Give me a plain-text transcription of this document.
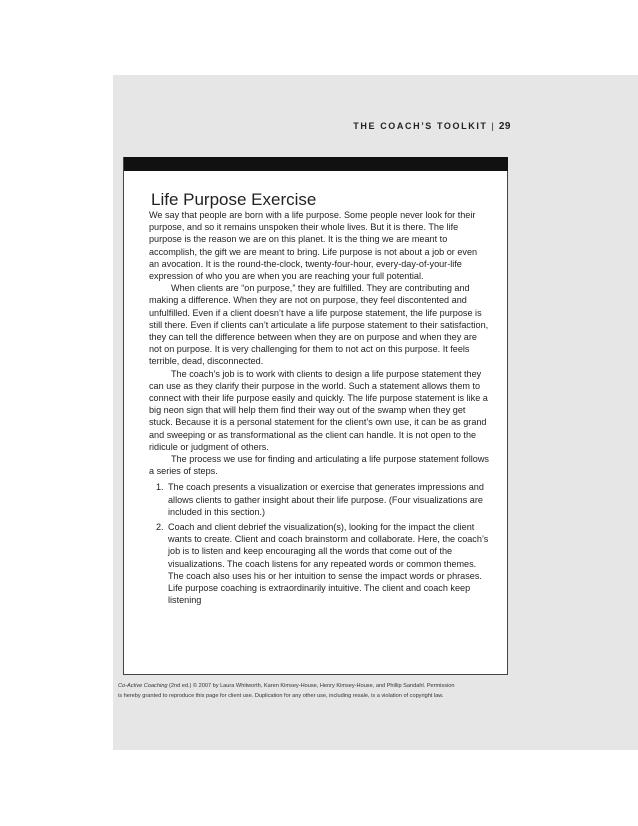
THE COACH’S TOOLKIT | 29
Life Purpose Exercise

We say that people are born with a life purpose. Some people never look for their purpose, and so it remains unspoken their whole lives. But it is there. The life purpose is the reason we are on this planet. It is the thing we are meant to accomplish, the gift we are meant to bring. Life purpose is not about a job or even an avocation. It is the round-the-clock, twenty-four-hour, every-day-of-your-life expression of who you are when you are reaching your full potential.

When clients are “on purpose,” they are fulfilled. They are contributing and making a difference. When they are not on purpose, they feel discontented and unfulfilled. Even if a client doesn’t have a life purpose statement, the life purpose is still there. Even if clients can’t articulate a life purpose statement to their satisfaction, they can tell the difference between when they are on purpose and when they are not on purpose. It is very challenging for them to not act on this purpose. It feels terrible, dead, disconnected.

The coach’s job is to work with clients to design a life purpose statement they can use as they clarify their purpose in the world. Such a statement allows them to connect with their life purpose easily and quickly. The life purpose statement is like a big neon sign that will help them find their way out of the swamp when they get stuck. Because it is a personal statement for the client’s own use, it can be as grand and sweeping or as transformational as the client can handle. It is not open to the ridicule or judgment of others.

The process we use for finding and articulating a life purpose statement follows a series of steps.

1. The coach presents a visualization or exercise that generates impressions and allows clients to gather insight about their life purpose. (Four visualizations are included in this section.)
2. Coach and client debrief the visualization(s), looking for the impact the client wants to create. Client and coach brainstorm and collaborate. Here, the coach’s job is to listen and keep encouraging all the words that come out of the visualizations. The coach listens for any repeated words or common themes. The coach also uses his or her intuition to sense the impact words or phrases. Life purpose coaching is extraordinarily intuitive. The client and coach keep listening
Co-Active Coaching (2nd ed.) © 2007 by Laura Whitworth, Karen Kimsey-House, Henry Kimsey-House, and Phillip Sandahl. Permission
is hereby granted to reproduce this page for client use. Duplication for any other use, including resale, is a violation of copyright law.
